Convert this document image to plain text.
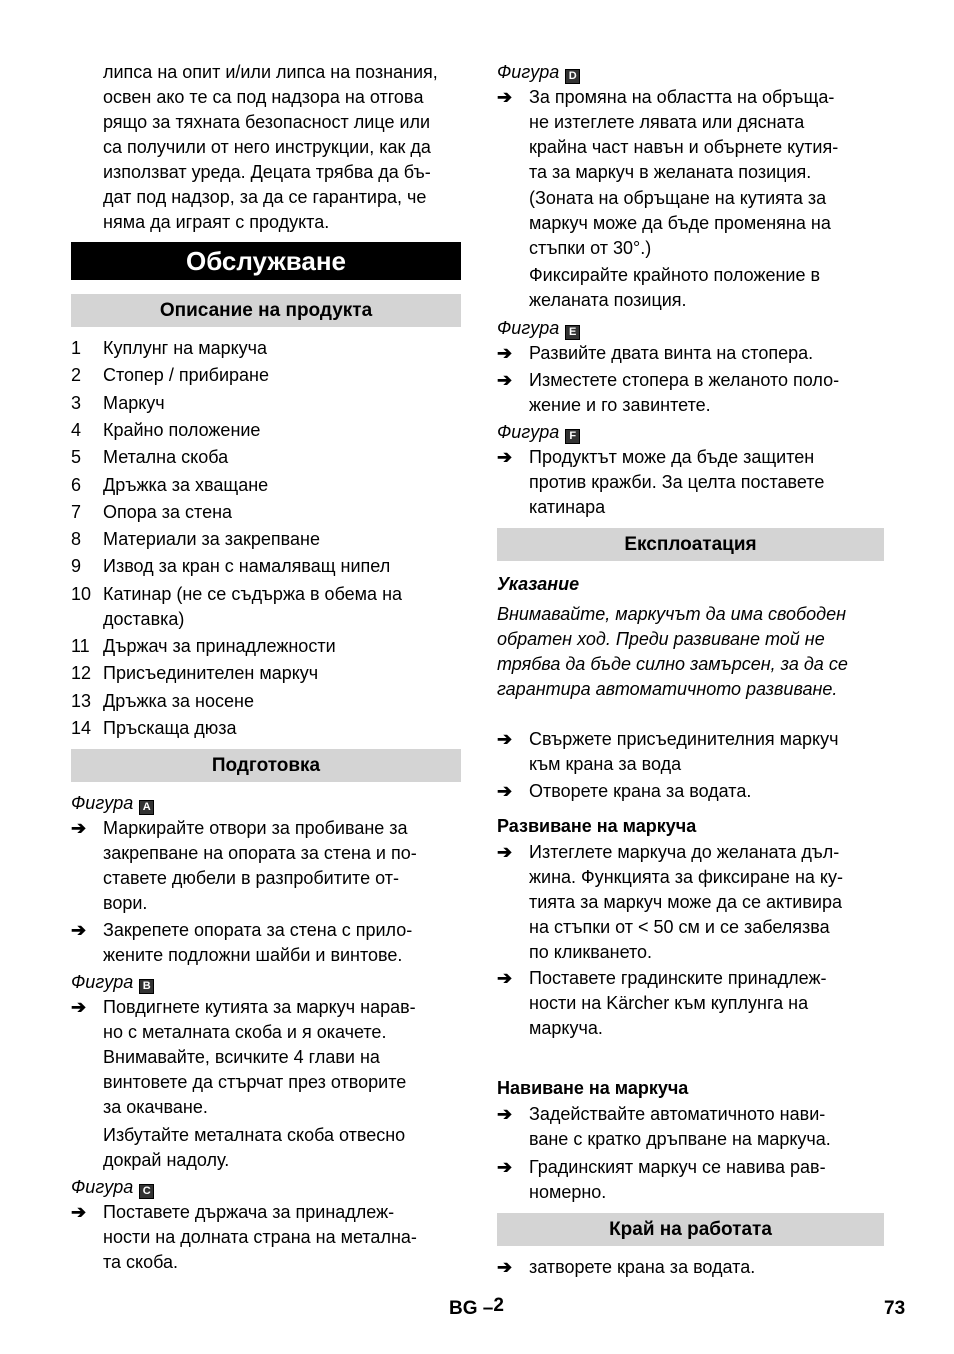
липса на опит и/или липса на познания,
освен ако те са под надзора на отговa
рящо за тяхната безопасност лице или
са получили от него инструкции, как да
използват уреда. Децата трябва да бъ-
дат под надзор, за да се гарантира, че
няма да играят с продукта.
Обслужване
Описание на продукта
1 Куплунг на маркуча
2 Стопер / прибиране
3 Маркуч
4 Крайно положение
5 Метална скоба
6 Дръжка за хващане
7 Опора за стена
8 Материали за закрепване
9 Извод за кран с намаляващ нипел
10 Катинар (не се съдържа в обема на
доставка)
11 Държач за принадлежности
12 Присъединителен маркуч
13 Дръжка за носене
14 Пръскаща дюза
Подготовка
Фигура A
➔ Маркирайте отвори за пробиване за
закрепване на опората за стена и по-
ставете дюбели в разпробитите от-
вори.
➔ Закрепете опората за стена с прило-
жените подложни шайби и винтове.
Фигура B
➔ Повдигнете кутията за маркуч нарав-
но с металната скоба и я окачете.
Внимавайте, всичките 4 глави на
винтовете да стърчат през отворите
за окачване.
Избутайте металната скоба отвесно
докрай надолу.
Фигура C
➔ Поставете държача за принадлеж-
ности на долната страна на метална-
та скоба.
Фигура D
➔ За промяна на областта на обръща-
не изтеглете лявата или дясната
крайна част навън и обърнете кутия-
та за маркуч в желаната позиция.
(Зоната на обръщане на кутията за
маркуч може да бъде променяна на
стъпки от 30°.)
Фиксирайте крайното положение в
желаната позиция.
Фигура E
➔ Развийте двата винта на стопера.
➔ Изместете стопера в желаното поло-
жение и го завинтете.
Фигура F
➔ Продуктът може да бъде защитен
против кражби. За целта поставете
катинара
Указание
Внимавайте, маркучът да има свободен
обратен ход. Преди развиване той не
трябва да бъде силно замърсен, за да се
гарантира автоматичното развиване.
➔ Свържете присъединителния маркуч
към крана за вода
➔ Отворете крана за водата.
Развиване на маркуча
➔ Изтеглете маркуча до желаната дъл-
жина. Функцията за фиксиране на ку-
тията за маркуч може да се активира
на стъпки от < 50 см и се забелязва
по кликването.
➔ Поставете градинските принадлеж-
ности на Kärcher към куплунга на
маркуча.
Навиване на маркуча
➔ Задействайте автоматичното нави-
ване с кратко дръпване на маркуча.
➔ Градинският маркуч се навива рав-
номерно.
➔ затворете крана за водата.
Експлоатация
Край на работата
BG –2	73
